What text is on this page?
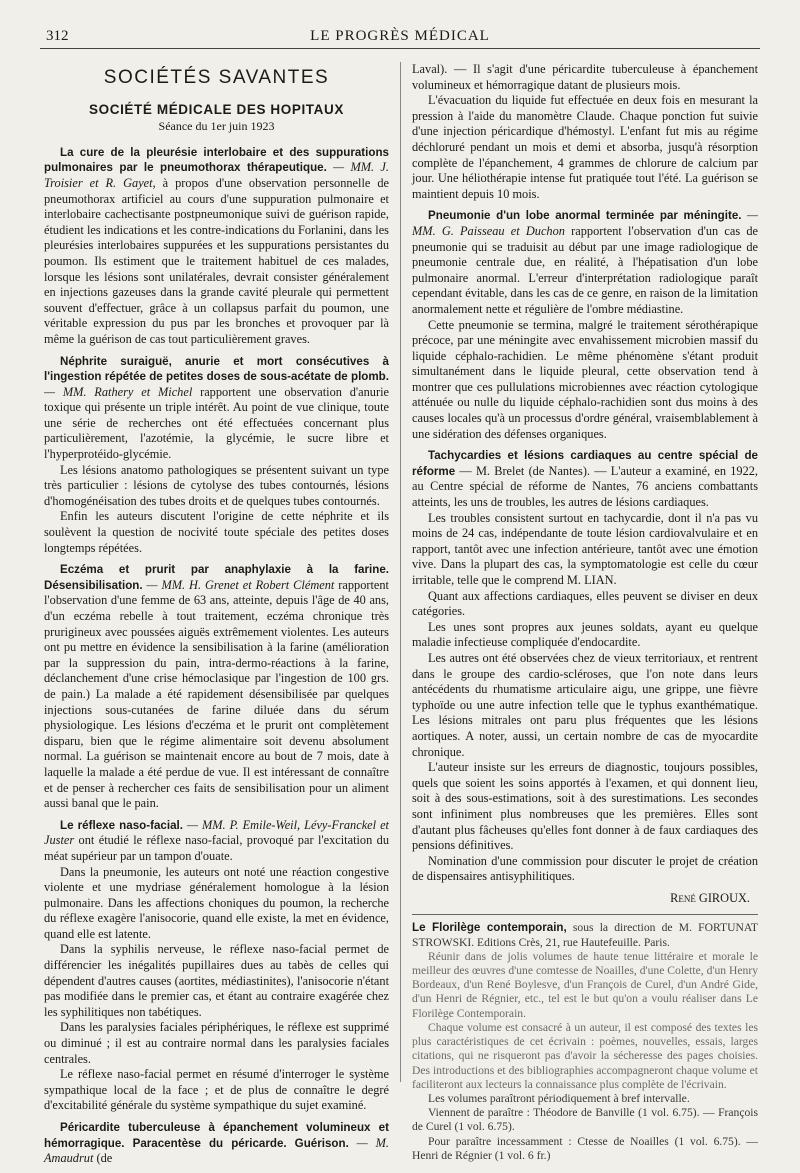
312	LE PROGRÈS MÉDICAL
SOCIÉTÉS SAVANTES
SOCIÉTÉ MÉDICALE DES HOPITAUX
Séance du 1er juin 1923

La cure de la pleurésie interlobaire et des suppurations pulmonaires par le pneumothorax thérapeutique. — MM. J. Troisier et R. Gayet, à propos d'une observation personnelle de pneumothorax artificiel au cours d'une suppuration pulmonaire et interlobaire cachectisante postpneumonique suivi de guérison rapide, étudient les indications et les contre-indications du Forlanini, dans les pleurésies interlobaires suppurées et les suppurations persistantes du poumon. Ils estiment que le traitement habituel de ces malades, lorsque les lésions sont unilatérales, devrait consister généralement en injections gazeuses dans la grande cavité pleurale qui permettent souvent d'effectuer, grâce à un collapsus parfait du poumon, une véritable expression du pus par les bronches et provoquer par là même la guérison de cas tout particulièrement graves.

Néphrite suraiguë, anurie et mort consécutives à l'ingestion répétée de petites doses de sous-acétate de plomb. — MM. Rathery et Michel rapportent une observation d'anurie toxique qui présente un triple intérêt. Au point de vue clinique, toute une série de recherches ont été effectuées concernant plus particulièrement, l'azotémie, la glycémie, le sucre libre et l'hyperprotéido-glycémie.

Les lésions anatomo pathologiques se présentent suivant un type très particulier : lésions de cytolyse des tubes contournés, lésions d'homogénéisation des tubes droits et de quelques tubes contournés.

Enfin les auteurs discutent l'origine de cette néphrite et ils soulèvent la question de nocivité toute spéciale des petites doses longtemps répétées.

Eczéma et prurit par anaphylaxie à la farine. Désensibilisation. — MM. H. Grenet et Robert Clément rapportent l'observation d'une femme de 63 ans, atteinte, depuis l'âge de 40 ans, d'un eczéma rebelle à tout traitement, eczéma chronique très prurigineux avec poussées aiguës extrêmement violentes. Les auteurs ont pu mettre en évidence la sensibilisation à la farine (amélioration par la suppression du pain, intra-dermo-réactions à la farine, déclanchement d'une crise hémoclasique par l'ingestion de 100 grs. de pain.) La malade a été rapidement désensibilisée par quelques injections sous-cutanées de farine diluée dans du sérum physiologique. Les lésions d'eczéma et le prurit ont complètement disparu, bien que le régime alimentaire soit devenu absolument normal. La guérison se maintenait encore au bout de 7 mois, date à laquelle la malade a été perdue de vue. Il est intéressant de connaître et de penser à rechercher ces faits de sensibilisation pour un aliment aussi banal que le pain.

Le réflexe naso-facial. — MM. P. Emile-Weil, Lévy-Franckel et Juster ont étudié le réflexe naso-facial, provoqué par l'excitation du méat supérieur par un tampon d'ouate.

Dans la pneumonie, les auteurs ont noté une réaction congestive violente et une mydriase généralement homologue à la lésion pulmonaire. Dans les affections choniques du poumon, la recherche du réflexe exagère l'anisocorie, quand elle existe, la met en évidence, quand elle est latente.

Dans la syphilis nerveuse, le réflexe naso-facial permet de différencier les inégalités pupillaires dues au tabès de celles qui dépendent d'autres causes (aortites, médiastinites), l'anisocorie n'étant pas modifiée dans le premier cas, et étant au contraire exagérée chez les syphilitiques non tabétiques.

Dans les paralysies faciales périphériques, le réflexe est supprimé ou diminué ; il est au contraire normal dans les paralysies faciales centrales.

Le réflexe naso-facial permet en résumé d'interroger le système sympathique local de la face ; et de plus de connaître le degré d'excitabilité générale du système sympathique du sujet examiné.

Péricardite tuberculeuse à épanchement volumineux et hémorragique. Paracentèse du péricarde. Guérison. — M. Amaudrut (de

Laval). — Il s'agit d'une péricardite tuberculeuse à épanchement volumineux et hémorragique datant de plusieurs mois.

L'évacuation du liquide fut effectuée en deux fois en mesurant la pression à l'aide du manomètre Claude. Chaque ponction fut suivie d'une injection péricardique d'hémostyl. L'enfant fut mis au régime déchloruré pendant un mois et demi et absorba, jusqu'à résorption complète de l'épanchement, 4 grammes de chlorure de calcium par jour. Une héliothérapie intense fut pratiquée tout l'été. La guérison se maintient depuis 10 mois.

Pneumonie d'un lobe anormal terminée par méningite. — MM. G. Paisseau et Duchon rapportent l'observation d'un cas de pneumonie qui se traduisit au début par une image radiologique de pneumonie centrale due, en réalité, à l'hépatisation d'un lobe pulmonaire anormal. L'erreur d'interprétation radiologique paraît cependant évitable, dans les cas de ce genre, en raison de la limitation anormalement nette et régulière de l'ombre médiastine.

Cette pneumonie se termina, malgré le traitement sérothérapique précoce, par une méningite avec envahissement microbien massif du liquide céphalo-rachidien. Le même phénomène s'étant produit simultanément dans le liquide pleural, cette observation tend à montrer que ces pullulations microbiennes avec réaction cytologique atténuée ou nulle du liquide céphalo-rachidien sont dus moins à des causes locales qu'à un processus d'ordre général, vraisemblablement à une sidération des défenses organiques.

Tachycardies et lésions cardiaques au centre spécial de réforme — M. Brelet (de Nantes). — L'auteur a examiné, en 1922, au Centre spécial de réforme de Nantes, 76 anciens combattants atteints, les uns de troubles, les autres de lésions cardiaques.

Les troubles consistent surtout en tachycardie, dont il n'a pas vu moins de 24 cas, indépendante de toute lésion cardiovalvulaire et en rapport, tantôt avec une infection antérieure, tantôt avec une émotion vive. Dans la plupart des cas, la symptomatologie est celle du cœur irritable, telle que le comprend M. LIAN.

Quant aux affections cardiaques, elles peuvent se diviser en deux catégories.

Les unes sont propres aux jeunes soldats, ayant eu quelque maladie infectieuse compliquée d'endocardite.

Les autres ont été observées chez de vieux territoriaux, et rentrent dans le groupe des cardio-scléroses, que l'on note dans leurs antécédents du rhumatisme articulaire aigu, une grippe, une fièvre typhoïde ou une autre infection telle que le typhus exanthématique. Les lésions mitrales ont paru plus fréquentes que les lésions aortiques. A noter, aussi, un certain nombre de cas de myocardite chronique.

L'auteur insiste sur les erreurs de diagnostic, toujours possibles, quels que soient les soins apportés à l'examen, et qui donnent lieu, soit à des sous-estimations, soit à des surestimations. Les secondes sont infiniment plus nombreuses que les premières. Elles sont d'autant plus fâcheuses qu'elles font donner à de faux cardiaques des pensions définitives.

Nomination d'une commission pour discuter le projet de création de dispensaires antisyphilitiques.

René GIROUX.

Le Florilège contemporain, sous la direction de M. FORTUNAT STROWSKI. Editions Crès, 21, rue Hautefeuille. Paris.

Réunir dans de jolis volumes de haute tenue littéraire et morale le meilleur des œuvres d'une comtesse de Noailles, d'une Colette, d'un Henry Bordeaux, d'un René Boylesve, d'un François de Curel, d'un André Gide, d'un Henri de Régnier, etc., tel est le but qu'on a voulu réaliser dans Le Florilège Contemporain.

Chaque volume est consacré à un auteur, il est composé des textes les plus caractéristiques de cet écrivain : poèmes, nouvelles, essais, larges citations, qui ne risqueront pas d'avoir la sécheresse des pages choisies. Des introductions et des bibliographies accompagneront chaque volume et faciliteront aux lecteurs la connaissance plus complète de l'écrivain.

Les volumes paraîtront périodiquement à bref intervalle.

Viennent de paraître : Théodore de Banville (1 vol. 6.75). — François de Curel (1 vol. 6.75).

Pour paraître incessamment : Ctesse de Noailles (1 vol. 6.75). — Henri de Régnier (1 vol. 6 fr.)
